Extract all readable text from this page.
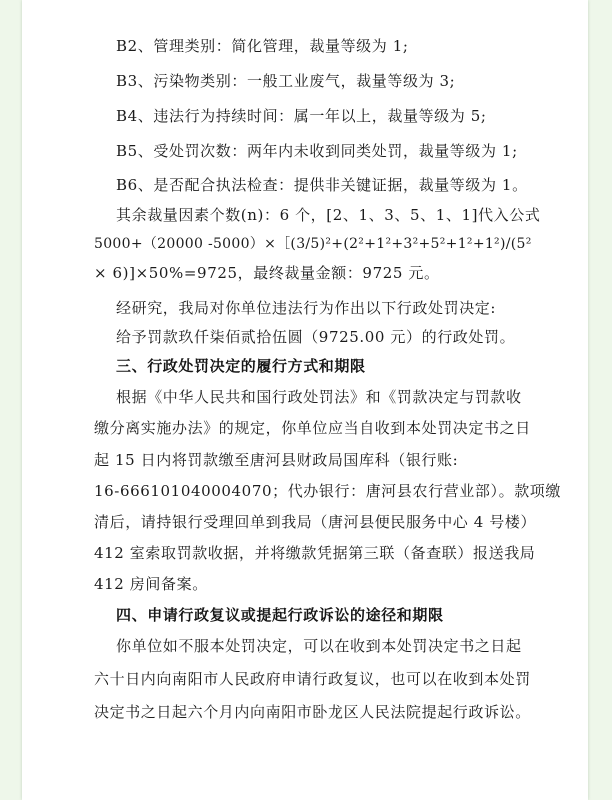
B2、管理类别：简化管理，裁量等级为 1;

B3、污染物类别：一般工业废气，裁量等级为 3;

B4、违法行为持续时间：属一年以上，裁量等级为 5;

B5、受处罚次数：两年内未收到同类处罚，裁量等级为 1;

B6、是否配合执法检查：提供非关键证据，裁量等级为 1。

其余裁量因素个数(n)：6 个，[2、1、3、5、1、1]代入公式

5000+（20000 -5000）×［(3/5)²+(2²+1²+3²+5²+1²+1²)/(5²

× 6)]×50%=9725，最终裁量金额：9725 元。

经研究，我局对你单位违法行为作出以下行政处罚决定:

给予罚款玖仟柒佰贰拾伍圆（9725.00 元）的行政处罚。

三、行政处罚决定的履行方式和期限

根据《中华人民共和国行政处罚法》和《罚款决定与罚款收

缴分离实施办法》的规定，你单位应当自收到本处罚决定书之日

起 15 日内将罚款缴至唐河县财政局国库科（银行账:

16-666101040004070；代办银行：唐河县农行营业部）。款项缴

清后，请持银行受理回单到我局（唐河县便民服务中心 4 号楼）

412 室索取罚款收据，并将缴款凭据第三联（备查联）报送我局

412 房间备案。

四、申请行政复议或提起行政诉讼的途径和期限

你单位如不服本处罚决定，可以在收到本处罚决定书之日起

六十日内向南阳市人民政府申请行政复议，也可以在收到本处罚

决定书之日起六个月内向南阳市卧龙区人民法院提起行政诉讼。
